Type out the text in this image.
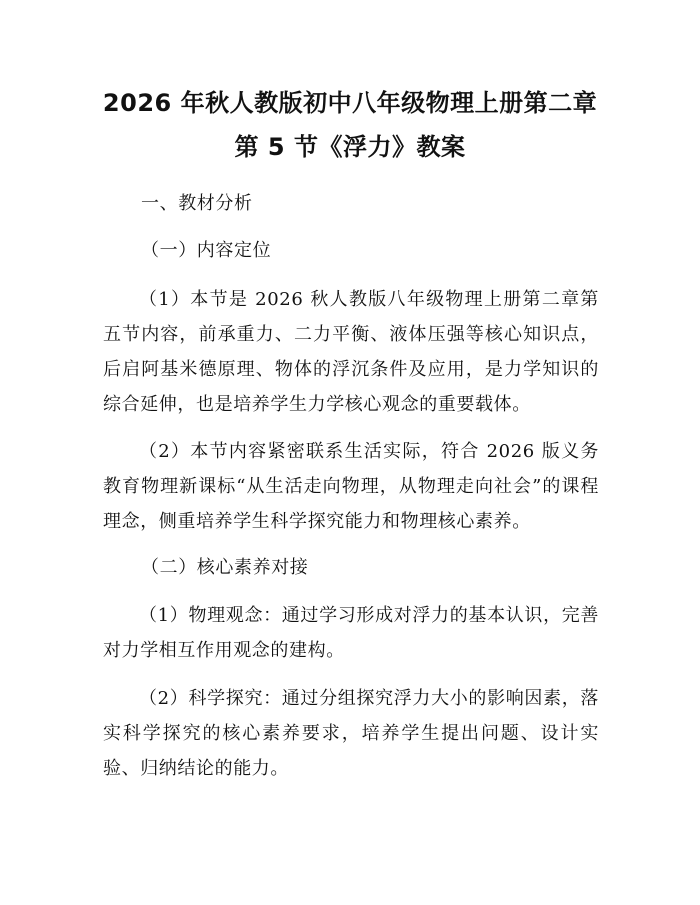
2026 年秋人教版初中八年级物理上册第二章
第 5 节《浮力》教案
一、教材分析
（一）内容定位

（1）本节是 2026 秋人教版八年级物理上册第二章第五节内容，前承重力、二力平衡、液体压强等核心知识点，后启阿基米德原理、物体的浮沉条件及应用，是力学知识的综合延伸，也是培养学生力学核心观念的重要载体。

（2）本节内容紧密联系生活实际，符合 2026 版义务教育物理新课标“从生活走向物理，从物理走向社会”的课程理念，侧重培养学生科学探究能力和物理核心素养。

（二）核心素养对接

（1）物理观念：通过学习形成对浮力的基本认识，完善对力学相互作用观念的建构。

（2）科学探究：通过分组探究浮力大小的影响因素，落实科学探究的核心素养要求，培养学生提出问题、设计实验、归纳结论的能力。
